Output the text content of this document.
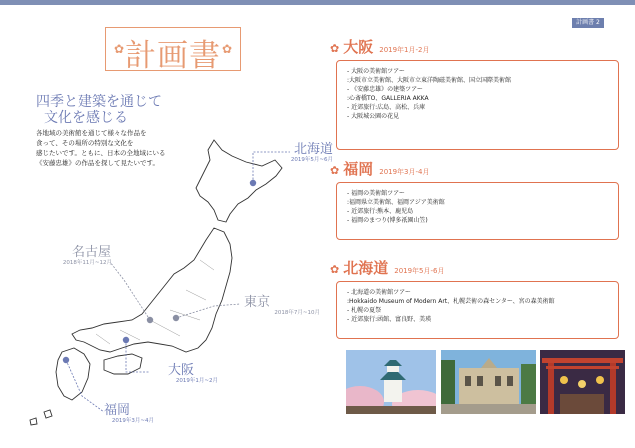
計画書 2
✿ 計画書 ✿
四季と建築を通じて
文化を感じる
各地域の美術館を通じて様々な作品を
食って、その場所の特別な文化を
感じたいです。ともに、日本の全地域にいる
《安藤忠雄》の作品を探して見たいです。
北海道
2019年5月~6月
名古屋
2018年11月~12月
東京
2018年7月~10月
大阪
2019年1月~2月
福岡
2019年3月~4月
✿ 大阪 2019年1月-2月
- 大阪の美術館ツアー
:大阪市立美術館、大阪市立東洋陶磁美術館、国立国際美術館
- 《安藤忠雄》の建築ツアー
:心斎橋TO、GALLERIA AKKA
- 近郊旅行:広島、高松、兵庫
- 大阪城公園の花見
✿ 福岡 2019年3月-4月
- 福岡の美術館ツアー
:福岡県立美術館、福岡アジア美術館
- 近郊旅行:熊本、鹿児島
- 福岡のまつり(博多祇園山笠)
✿ 北海道 2019年5月-6月
- 北海道の美術館ツアー
:Hokkaido Museum of Modern Art、札幌芸術の森センター、宮の森美術館
- 札幌の夏祭
- 近郊旅行:函館、富良野、美瑛
